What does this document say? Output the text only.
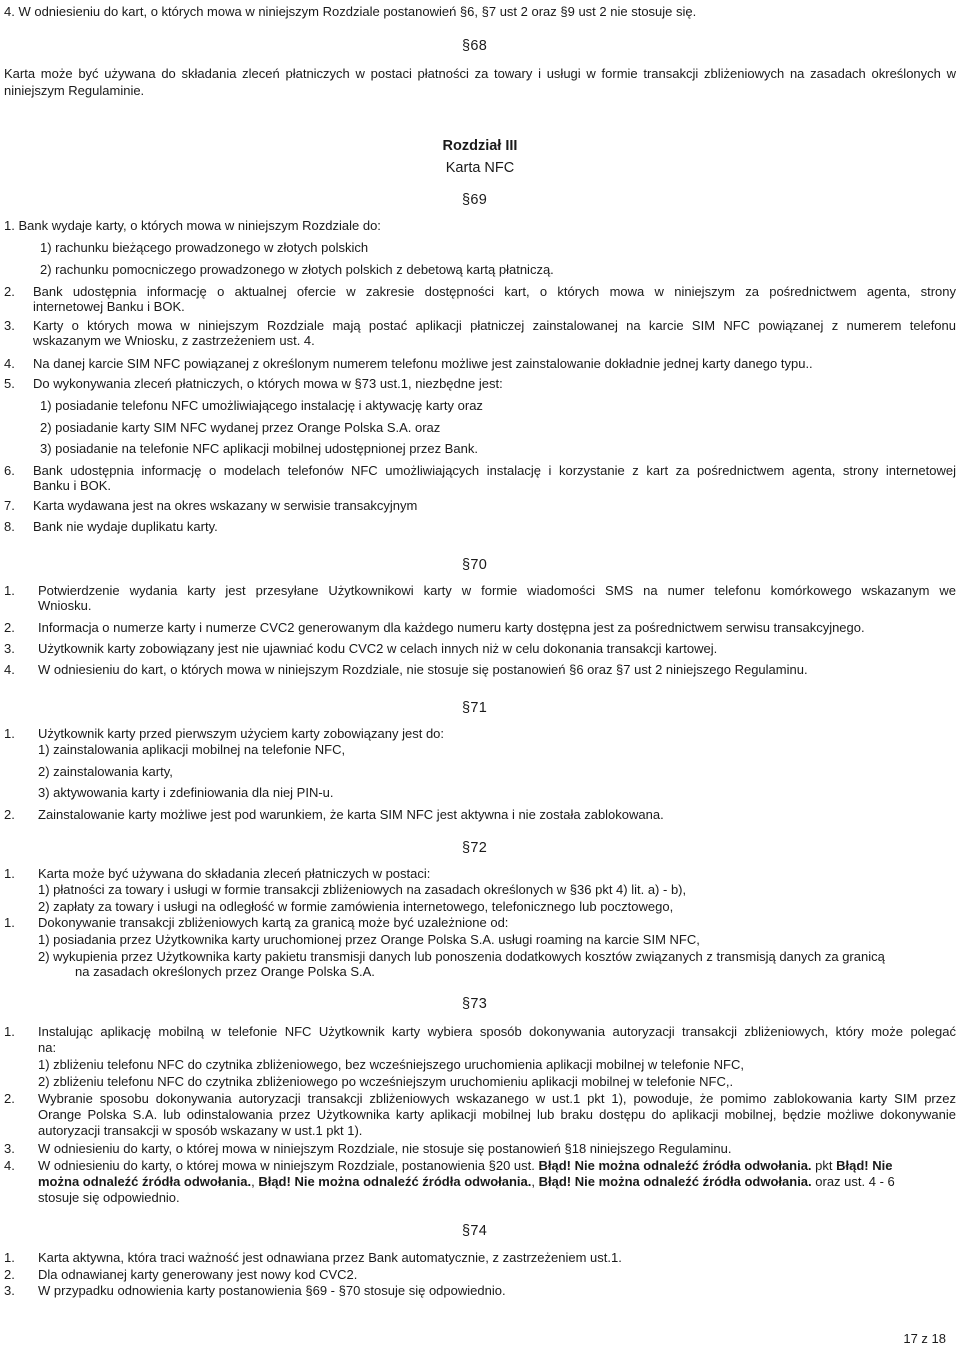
4. W odniesieniu do kart, o których mowa w niniejszym Rozdziale postanowień §6, §7 ust 2 oraz §9 ust 2 nie stosuje się.
§68
Karta może być używana do składania zleceń płatniczych w postaci płatności za towary i usługi w formie transakcji zbliżeniowych na zasadach określonych w
niniejszym Regulaminie.
Rozdział III
Karta NFC
§69
1. Bank wydaje karty, o których mowa w niniejszym Rozdziale do:
1) rachunku bieżącego prowadzonego w złotych polskich
2) rachunku pomocniczego prowadzonego w złotych polskich z debetową kartą płatniczą.
2. Bank udostępnia informację o aktualnej ofercie w zakresie dostępności kart, o których mowa w niniejszym za pośrednictwem agenta, strony
internetowej Banku i BOK.
3. Karty o których mowa w niniejszym Rozdziale mają postać aplikacji płatniczej zainstalowanej na karcie SIM NFC powiązanej z numerem telefonu
wskazanym we Wniosku, z zastrzeżeniem ust. 4.
4. Na danej karcie SIM NFC powiązanej z określonym numerem telefonu możliwe jest zainstalowanie dokładnie jednej karty danego typu..
5. Do wykonywania zleceń płatniczych, o których mowa w §73 ust.1, niezbędne jest:
1) posiadanie telefonu NFC umożliwiającego instalację i aktywację karty oraz
2) posiadanie karty SIM NFC wydanej przez Orange Polska S.A. oraz
3) posiadanie na telefonie NFC aplikacji mobilnej udostępnionej przez Bank.
6. Bank udostępnia informację o modelach telefonów NFC umożliwiających instalację i korzystanie z kart za pośrednictwem agenta, strony internetowej
Banku i BOK.
7. Karta wydawana jest na okres wskazany w serwisie transakcyjnym
8. Bank nie wydaje duplikatu karty.
§70
1. Potwierdzenie wydania karty jest przesyłane Użytkownikowi karty w formie wiadomości SMS na numer telefonu komórkowego wskazanym we
Wniosku.
2. Informacja o numerze karty i numerze CVC2 generowanym dla każdego numeru karty dostępna jest za pośrednictwem serwisu transakcyjnego.
3. Użytkownik karty zobowiązany jest nie ujawniać kodu CVC2 w celach innych niż w celu dokonania transakcji kartowej.
4. W odniesieniu do kart, o których mowa w niniejszym Rozdziale, nie stosuje się postanowień §6 oraz §7 ust 2 niniejszego Regulaminu.
§71
1. Użytkownik karty przed pierwszym użyciem karty zobowiązany jest do:
1) zainstalowania aplikacji mobilnej na telefonie NFC,
2) zainstalowania karty,
3) aktywowania karty i zdefiniowania dla niej PIN-u.
2. Zainstalowanie karty możliwe jest pod warunkiem, że karta SIM NFC jest aktywna i nie została zablokowana.
§72
1. Karta może być używana do składania zleceń płatniczych w postaci:
1) płatności za towary i usługi w formie transakcji zbliżeniowych na zasadach określonych w §36 pkt 4) lit. a) - b),
2) zapłaty za towary i usługi na odległość w formie zamówienia internetowego, telefonicznego lub pocztowego,
1. Dokonywanie transakcji zbliżeniowych kartą za granicą może być uzależnione od:
1) posiadania przez Użytkownika karty uruchomionej przez Orange Polska S.A. usługi roaming na karcie SIM NFC,
2) wykupienia przez Użytkownika karty pakietu transmisji danych lub ponoszenia dodatkowych kosztów związanych z transmisją danych za granicą
na zasadach określonych przez Orange Polska S.A.
§73
1. Instalując aplikację mobilną w telefonie NFC Użytkownik karty wybiera sposób dokonywania autoryzacji transakcji zbliżeniowych, który może polegać
na:
1) zbliżeniu telefonu NFC do czytnika zbliżeniowego, bez wcześniejszego uruchomienia aplikacji mobilnej w telefonie NFC,
2) zbliżeniu telefonu NFC do czytnika zbliżeniowego po wcześniejszym uruchomieniu aplikacji mobilnej w telefonie NFC,.
2. Wybranie sposobu dokonywania autoryzacji transakcji zbliżeniowych wskazanego w ust.1 pkt 1), powoduje, że pomimo zablokowania karty SIM przez
Orange Polska S.A. lub odinstalowania przez Użytkownika karty aplikacji mobilnej lub braku dostępu do aplikacji mobilnej, będzie możliwe dokonywanie
autoryzacji transakcji w sposób wskazany w ust.1 pkt 1).
3. W odniesieniu do karty, o której mowa w niniejszym Rozdziale, nie stosuje się postanowień §18 niniejszego Regulaminu.
4. W odniesieniu do karty, o której mowa w niniejszym Rozdziale, postanowienia §20 ust. Błąd! Nie można odnaleźć źródła odwołania. pkt Błąd! Nie
można odnaleźć źródła odwołania., Błąd! Nie można odnaleźć źródła odwołania., Błąd! Nie można odnaleźć źródła odwołania. oraz ust. 4 - 6
stosuje się odpowiednio.
§74
1. Karta aktywna, która traci ważność jest odnawiana przez Bank automatycznie, z zastrzeżeniem ust.1.
2. Dla odnawianej karty generowany jest nowy kod CVC2.
3. W przypadku odnowienia karty postanowienia §69 - §70 stosuje się odpowiednio.
17 z 18
